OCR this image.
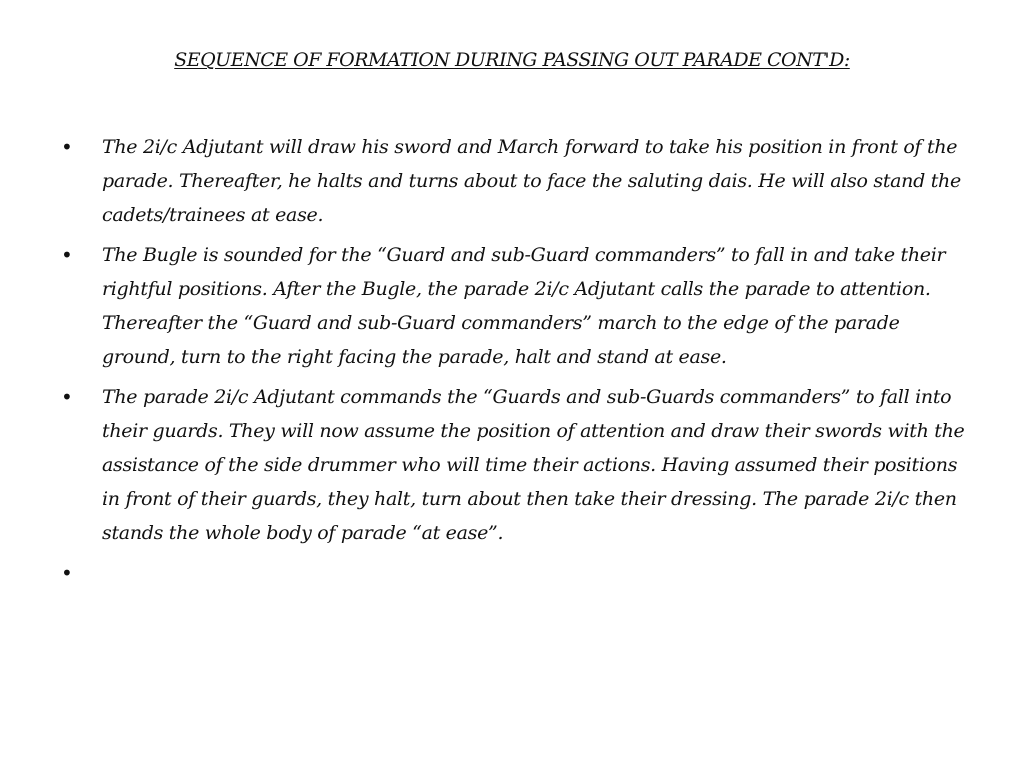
SEQUENCE OF FORMATION DURING PASSING OUT PARADE CONT'D:
• The 2i/c Adjutant will draw his sword and March forward to take his position in front of the parade. Thereafter, he halts and turns about to face the saluting dais. He will also stand the cadets/trainees at ease.
• The Bugle is sounded for the “Guard and sub-Guard commanders” to fall in and take their rightful positions. After the Bugle, the parade 2i/c Adjutant calls the parade to attention. Thereafter the “Guard and sub-Guard commanders” march to the edge of the parade ground, turn to the right facing the parade, halt and stand at ease.
• The parade 2i/c Adjutant commands the “Guards and sub-Guards commanders” to fall into their guards. They will now assume the position of attention and draw their swords with the assistance of the side drummer who will time their actions. Having assumed their positions in front of their guards, they halt, turn about then take their dressing. The parade 2i/c then stands the whole body of parade “at ease”.
•
